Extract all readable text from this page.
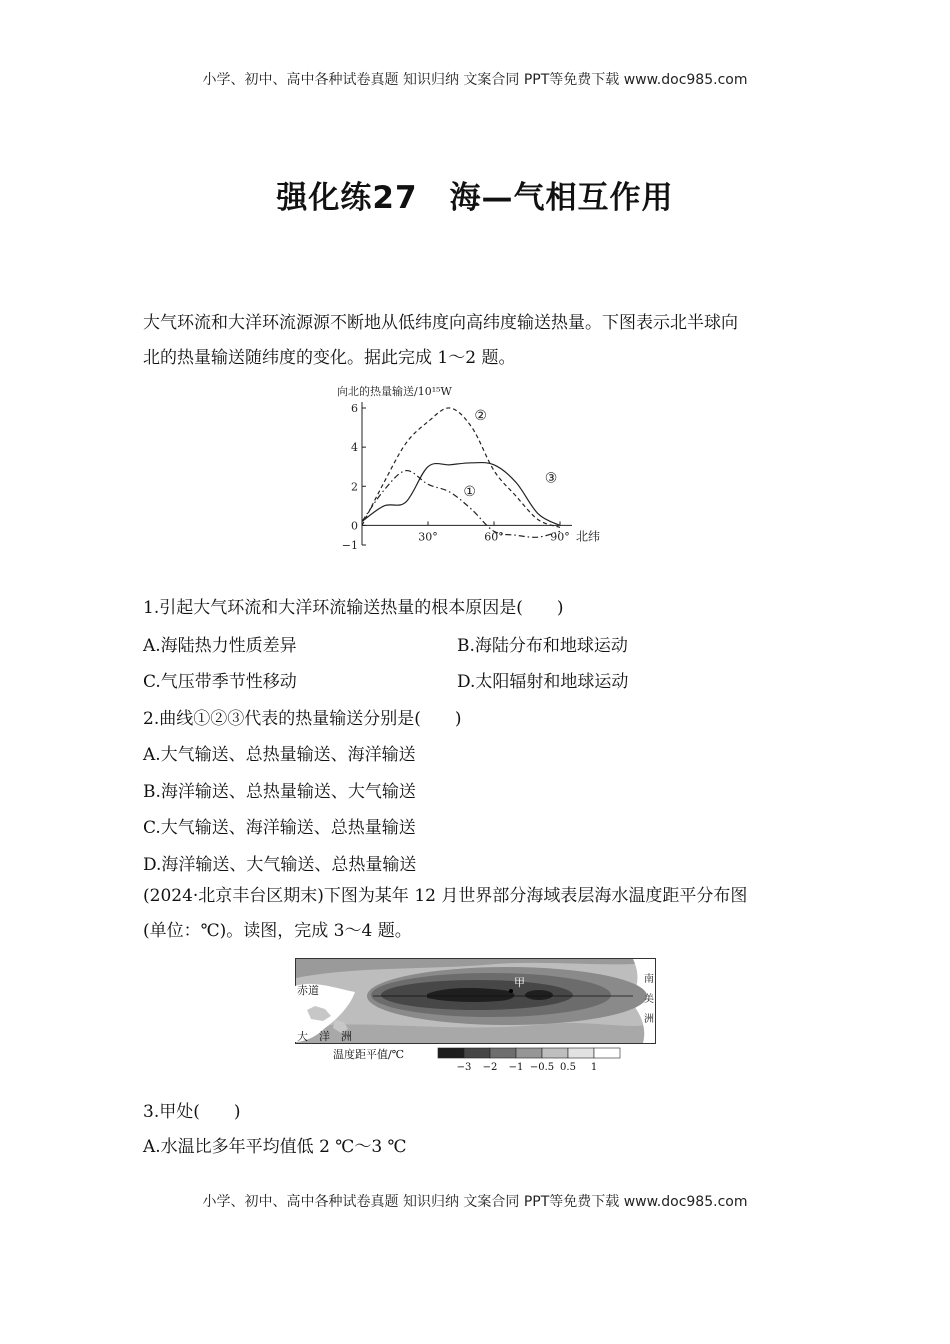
小学、初中、高中各种试卷真题 知识归纳 文案合同 PPT等免费下载 www.doc985.com
强化练27　海—气相互作用
大气环流和大洋环流源源不断地从低纬度向高纬度输送热量。下图表示北半球向
北的热量输送随纬度的变化。据此完成 1～2 题。
向北的热量输送/10¹⁵W
北纬
6
4
2
0
−1
30°	60°	90°
①
②
③
1.引起大气环流和大洋环流输送热量的根本原因是(　　)
A.海陆热力性质差异	B.海陆分布和地球运动
C.气压带季节性移动	D.太阳辐射和地球运动
2.曲线①②③代表的热量输送分别是(　　)
A.大气输送、总热量输送、海洋输送
B.海洋输送、总热量输送、大气输送
C.大气输送、海洋输送、总热量输送
D.海洋输送、大气输送、总热量输送
(2024·北京丰台区期末)下图为某年 12 月世界部分海域表层海水温度距平分布图
(单位：℃)。读图，完成 3～4 题。
甲
赤道
大　洋　洲
南
美
洲
温度距平值/℃
−3 −2 −1 −0.5 0.5 1
3.甲处(　　)
A.水温比多年平均值低 2 ℃～3 ℃
小学、初中、高中各种试卷真题 知识归纳 文案合同 PPT等免费下载 www.doc985.com
